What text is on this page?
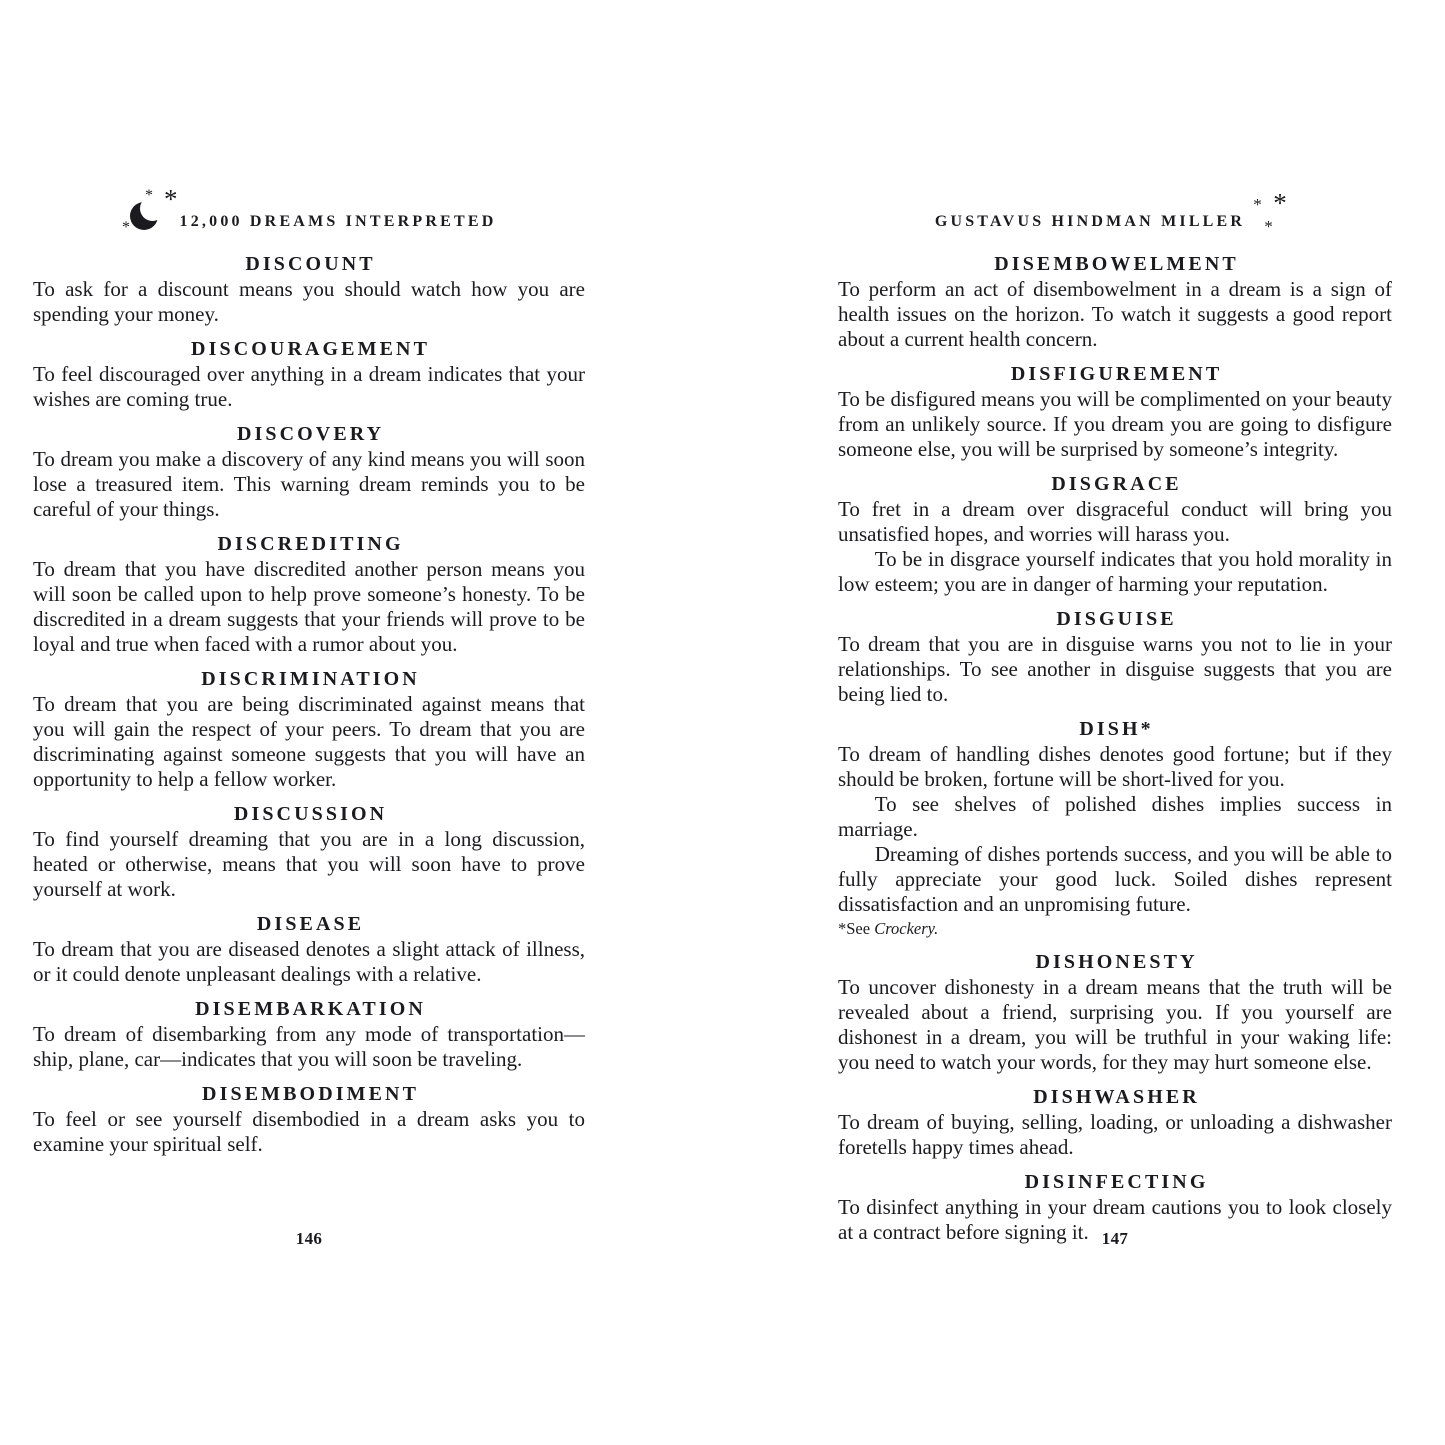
* *
*	12,000 DREAMS INTERPRETED
DISCOUNT

To ask for a discount means you should watch how you are spending your money.

DISCOURAGEMENT

To feel discouraged over anything in a dream indicates that your wishes are coming true.

DISCOVERY

To dream you make a discovery of any kind means you will soon lose a treasured item. This warning dream reminds you to be careful of your things.

DISCREDITING

To dream that you have discredited another person means you will soon be called upon to help prove someone’s honesty. To be discredited in a dream suggests that your friends will prove to be loyal and true when faced with a rumor about you.

DISCRIMINATION

To dream that you are being discriminated against means that you will gain the respect of your peers. To dream that you are discriminating against someone suggests that you will have an opportunity to help a fellow worker.

DISCUSSION

To find yourself dreaming that you are in a long discussion, heated or otherwise, means that you will soon have to prove yourself at work.

DISEASE

To dream that you are diseased denotes a slight attack of illness, or it could denote unpleasant dealings with a relative.

DISEMBARKATION

To dream of disembarking from any mode of transportation—ship, plane, car—indicates that you will soon be traveling.

DISEMBODIMENT

To feel or see yourself disembodied in a dream asks you to examine your spiritual self.

146
GUSTAVUS HINDMAN MILLER
* *
*
DISEMBOWELMENT

To perform an act of disembowelment in a dream is a sign of health issues on the horizon. To watch it suggests a good report about a current health concern.

DISFIGUREMENT

To be disfigured means you will be complimented on your beauty from an unlikely source. If you dream you are going to disfigure someone else, you will be surprised by someone’s integrity.

DISGRACE

To fret in a dream over disgraceful conduct will bring you unsatisfied hopes, and worries will harass you.

To be in disgrace yourself indicates that you hold morality in low esteem; you are in danger of harming your reputation.

DISGUISE

To dream that you are in disguise warns you not to lie in your relationships. To see another in disguise suggests that you are being lied to.

DISH*

To dream of handling dishes denotes good fortune; but if they should be broken, fortune will be short-lived for you.

To see shelves of polished dishes implies success in marriage.

Dreaming of dishes portends success, and you will be able to fully appreciate your good luck. Soiled dishes represent dissatisfaction and an unpromising future.

*See Crockery.

DISHONESTY

To uncover dishonesty in a dream means that the truth will be revealed about a friend, surprising you. If you yourself are dishonest in a dream, you will be truthful in your waking life: you need to watch your words, for they may hurt someone else.

DISHWASHER

To dream of buying, selling, loading, or unloading a dishwasher foretells happy times ahead.

DISINFECTING

To disinfect anything in your dream cautions you to look closely at a contract before signing it. 147
